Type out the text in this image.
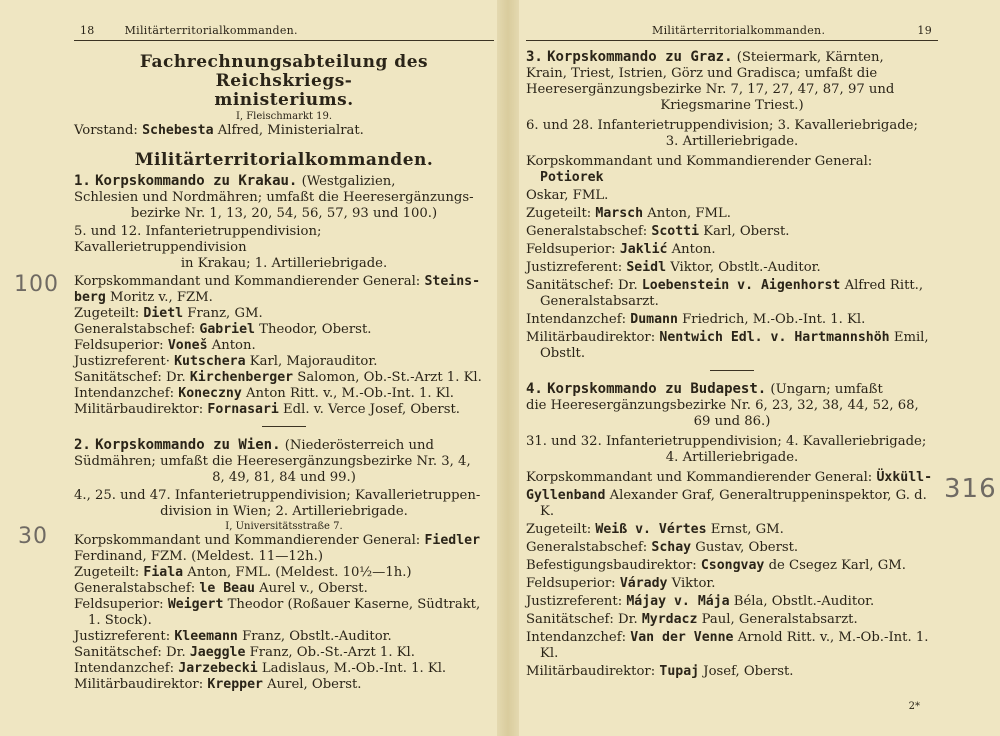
18	Militärterritorialkommanden.

Fachrechnungsabteilung des Reichskriegs-

ministeriums.

I, Fleischmarkt 19.

Vorstand: Schebesta Alfred, Ministerialrat.

Militärterritorialkommanden.

1. Korpskommando zu Krakau. (Westgalizien,

Schlesien und Nordmähren; umfaßt die Heeresergänzungs-

bezirke Nr. 1, 13, 20, 54, 56, 57, 93 und 100.)

5. und 12. Infanterietruppendivision; Kavallerietruppendivision

in Krakau; 1. Artilleriebrigade.

Korpskommandant und Kommandierender General: Steins-

berg Moritz v., FZM.

Zugeteilt: Dietl Franz, GM.

Generalstabschef: Gabriel Theodor, Oberst.

Feldsuperior: Voneš Anton.

Justizreferent· Kutschera Karl, Majorauditor.

Sanitätschef: Dr. Kirchenberger Salomon, Ob.-St.-Arzt 1. Kl.

Intendanzchef: Koneczny Anton Ritt. v., M.-Ob.-Int. 1. Kl.

Militärbaudirektor: Fornasari Edl. v. Verce Josef, Oberst.

2. Korpskommando zu Wien. (Niederösterreich und

Südmähren; umfaßt die Heeresergänzungsbezirke Nr. 3, 4,

8, 49, 81, 84 und 99.)

4., 25. und 47. Infanterietruppendivision; Kavallerietruppen-

division in Wien; 2. Artilleriebrigade.

I, Universitätsstraße 7.

Korpskommandant und Kommandierender General: Fiedler

Ferdinand, FZM. (Meldest. 11—12h.)

Zugeteilt: Fiala Anton, FML. (Meldest. 10½—1h.)

Generalstabschef: le Beau Aurel v., Oberst.

Feldsuperior: Weigert Theodor (Roßauer Kaserne, Südtrakt, 1. Stock).

Justizreferent: Kleemann Franz, Obstlt.-Auditor.

Sanitätschef: Dr. Jaeggle Franz, Ob.-St.-Arzt 1. Kl.

Intendanzchef: Jarzebecki Ladislaus, M.-Ob.-Int. 1. Kl.

Militärbaudirektor: Krepper Aurel, Oberst.

100
30
Militärterritorialkommanden.	19

3. Korpskommando zu Graz. (Steiermark, Kärnten,

Krain, Triest, Istrien, Görz und Gradisca; umfaßt die

Heeresergänzungsbezirke Nr. 7, 17, 27, 47, 87, 97 und

Kriegsmarine Triest.)

6. und 28. Infanterietruppendivision; 3. Kavalleriebrigade;

3. Artilleriebrigade.

Korpskommandant und Kommandierender General: Potiorek

Oskar, FML.

Zugeteilt: Marsch Anton, FML.

Generalstabschef: Scotti Karl, Oberst.

Feldsuperior: Jaklić Anton.

Justizreferent: Seidl Viktor, Obstlt.-Auditor.

Sanitätschef: Dr. Loebenstein v. Aigenhorst Alfred Ritt., Generalstabsarzt.

Intendanzchef: Dumann Friedrich, M.-Ob.-Int. 1. Kl.

Militärbaudirektor: Nentwich Edl. v. Hartmannshöh Emil, Obstlt.

4. Korpskommando zu Budapest. (Ungarn; umfaßt

die Heeresergänzungsbezirke Nr. 6, 23, 32, 38, 44, 52, 68,

69 und 86.)

31. und 32. Infanterietruppendivision; 4. Kavalleriebrigade;

4. Artilleriebrigade.

Korpskommandant und Kommandierender General: Üxküll-

Gyllenband Alexander Graf, Generaltruppeninspektor, G. d. K.

Zugeteilt: Weiß v. Vértes Ernst, GM.

Generalstabschef: Schay Gustav, Oberst.

Befestigungsbaudirektor: Csongvay de Csegez Karl, GM.

Feldsuperior: Várady Viktor.

Justizreferent: Májay v. Mája Béla, Obstlt.-Auditor.

Sanitätschef: Dr. Myrdacz Paul, Generalstabsarzt.

Intendanzchef: Van der Venne Arnold Ritt. v., M.-Ob.-Int. 1. Kl.

Militärbaudirektor: Tupaj Josef, Oberst.

316
2*
